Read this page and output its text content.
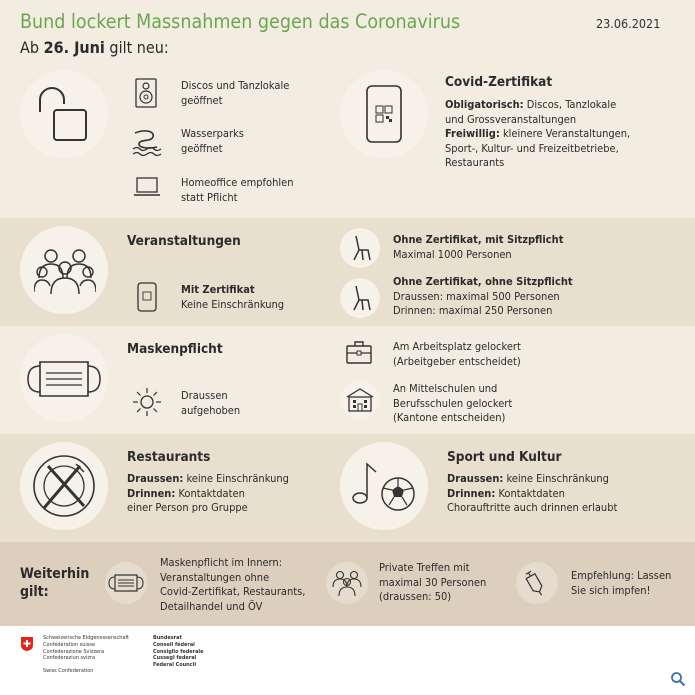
Bund lockert Massnahmen gegen das Coronavirus	23.06.2021
Ab 26. Juni gilt neu:
Discos und Tanzlokale
geöffnet
Wasserparks
geöffnet
Homeoffice empfohlen
statt Pflicht
Covid-Zertifikat
Obligatorisch: Discos, Tanzlokale
und Grossveranstaltungen
Freiwillig: kleinere Veranstaltungen,
Sport-, Kultur- und Freizeitbetriebe,
Restaurants
Veranstaltungen
Mit Zertifikat
Keine Einschränkung
Ohne Zertifikat, mit Sitzpflicht
Maximal 1000 Personen
Ohne Zertifikat, ohne Sitzpflicht
Draussen: maximal 500 Personen
Drinnen: maximal 250 Personen
Maskenpflicht
Draussen
aufgehoben
Am Arbeitsplatz gelockert
(Arbeitgeber entscheidet)
An Mittelschulen und
Berufsschulen gelockert
(Kantone entscheiden)
Restaurants
Draussen: keine Einschränkung
Drinnen: Kontaktdaten
einer Person pro Gruppe
Sport und Kultur
Draussen: keine Einschränkung
Drinnen: Kontaktdaten
Chorauftritte auch drinnen erlaubt
Weiterhin
gilt:
Maskenpflicht im Innern:
Veranstaltungen ohne
Covid-Zertifikat, Restaurants,
Detailhandel und ÖV
Private Treffen mit
maximal 30 Personen
(draussen: 50)
Empfehlung: Lassen
Sie sich impfen!
Schweizerische Eidgenossenschaft
Confédération suisse
Confederazione Svizzera
Confederaziun svizra
Swiss Confederation
Bundesrat
Conseil fédéral
Consiglio federale
Cussegl federal
Federal Council
